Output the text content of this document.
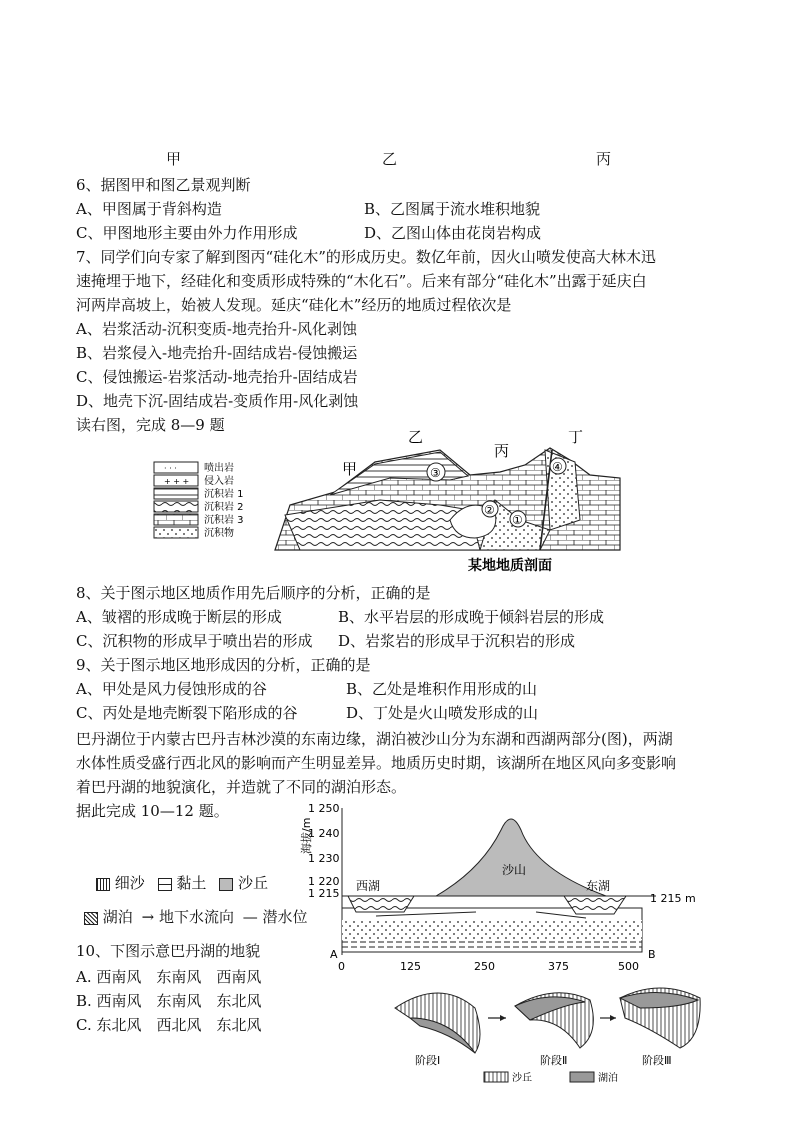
甲	乙	丙
6、据图甲和图乙景观判断
A、甲图属于背斜构造	B、乙图属于流水堆积地貌
C、甲图地形主要由外力作用形成	D、乙图山体由花岗岩构成
7、同学们向专家了解到图丙“硅化木”的形成历史。数亿年前，因火山喷发使高大林木迅
速掩埋于地下，经硅化和变质形成特殊的“木化石”。后来有部分“硅化木”出露于延庆白
河两岸高坡上，始被人发现。延庆“硅化木”经历的地质过程依次是
A、岩浆活动-沉积变质-地壳抬升-风化剥蚀
B、岩浆侵入-地壳抬升-固结成岩-侵蚀搬运
C、侵蚀搬运-岩浆活动-地壳抬升-固结成岩
D、地壳下沉-固结成岩-变质作用-风化剥蚀
读右图，完成 8—9 题
· · ·
+ + +
喷出岩
侵入岩
沉积岩 1
沉积岩 2
沉积岩 3
沉积物
③
②
①
④
甲
乙
丙
丁
某地地质剖面
8、关于图示地区地质作用先后顺序的分析，正确的是
A、皱褶的形成晚于断层的形成	B、水平岩层的形成晚于倾斜岩层的形成
C、沉积物的形成早于喷出岩的形成 D、岩浆岩的形成早于沉积岩的形成
9、关于图示地区地形成因的分析，正确的是
A、甲处是风力侵蚀形成的谷	B、乙处是堆积作用形成的山
C、丙处是地壳断裂下陷形成的谷	D、丁处是火山喷发形成的山
巴丹湖位于内蒙古巴丹吉林沙漠的东南边缘，湖泊被沙山分为东湖和西湖两部分(图)，两湖
水体性质受盛行西北风的影响而产生明显差异。地质历史时期，该湖所在地区风向多变影响
着巴丹湖的地貌演化，并造就了不同的湖泊形态。
据此完成 10—12 题。
细沙 黏土 沙丘
湖泊 → 地下水流向 — 潜水位
海拔/m
1 250
1 240
1 230
1 220
1 215
西湖	东湖
沙山
1 215 m
A	B
0	125	250	375	500
10、下图示意巴丹湖的地貌
A. 西南风　东南风　西南风
B. 西南风　东南风　东北风
C. 东北风　西北风　东北风
阶段Ⅰ	阶段Ⅱ	阶段Ⅲ
沙丘	湖泊
